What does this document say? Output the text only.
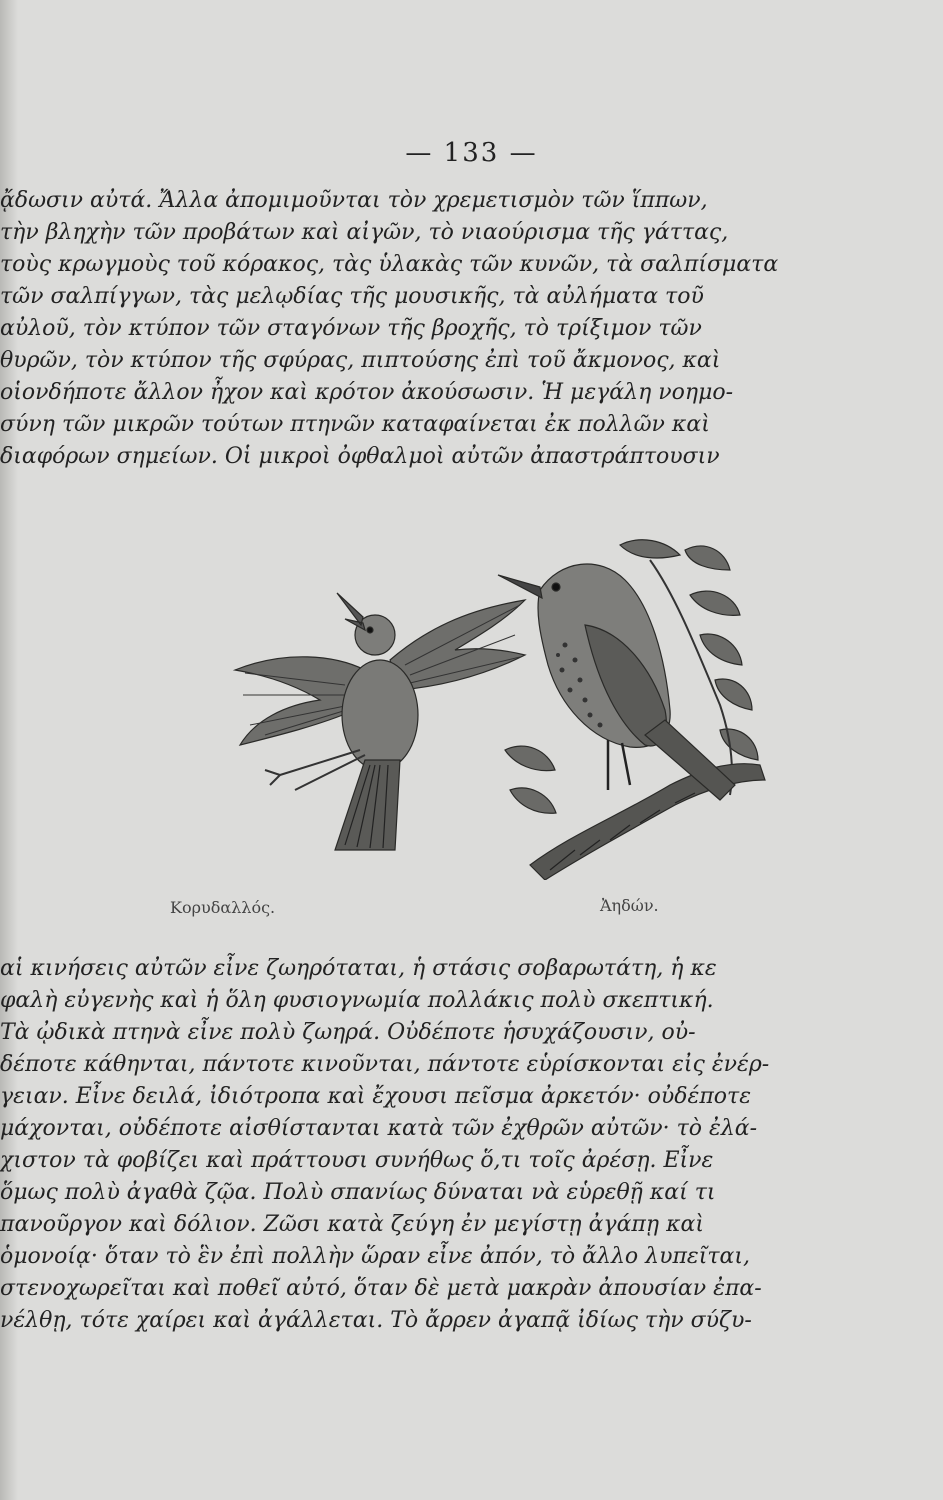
— 133 —
ᾄδωσιν αὐτά. Ἄλλα ἀπομιμοῦνται τὸν χρεμετισμὸν τῶν ἵππων,
τὴν βληχὴν τῶν προβάτων καὶ αἰγῶν, τὸ νιαούρισμα τῆς γάττας,
τοὺς κρωγμοὺς τοῦ κόρακος, τὰς ὑλακὰς τῶν κυνῶν, τὰ σαλπίσματα
τῶν σαλπίγγων, τὰς μελῳδίας τῆς μουσικῆς, τὰ αὐλήματα τοῦ
αὐλοῦ, τὸν κτύπον τῶν σταγόνων τῆς βροχῆς, τὸ τρίξιμον τῶν
θυρῶν, τὸν κτύπον τῆς σφύρας, πιπτούσης ἐπὶ τοῦ ἄκμονος, καὶ
οἱονδήποτε ἄλλον ἦχον καὶ κρότον ἀκούσωσιν. Ἡ μεγάλη νοημο-
σύνη τῶν μικρῶν τούτων πτηνῶν καταφαίνεται ἐκ πολλῶν καὶ
διαφόρων σημείων. Οἱ μικροὶ ὀφθαλμοὶ αὐτῶν ἀπαστράπτουσιν
Κορυδαλλός.	Ἀηδών.
αἱ κινήσεις αὐτῶν εἶνε ζωηρόταται, ἡ στάσις σοβαρωτάτη, ἡ κε
φαλὴ εὐγενὴς καὶ ἡ ὅλη φυσιογνωμία πολλάκις πολὺ σκεπτική.
Τὰ ᾠδικὰ πτηνὰ εἶνε πολὺ ζωηρά. Οὐδέποτε ἡσυχάζουσιν, οὐ-
δέποτε κάθηνται, πάντοτε κινοῦνται, πάντοτε εὑρίσκονται εἰς ἐνέρ-
γειαν. Εἶνε δειλά, ἰδιότροπα καὶ ἔχουσι πεῖσμα ἀρκετόν· οὐδέποτε
μάχονται, οὐδέποτε αἰσθίστανται κατὰ τῶν ἐχθρῶν αὐτῶν· τὸ ἐλά-
χιστον τὰ φοβίζει καὶ πράττουσι συνήθως ὅ,τι τοῖς ἀρέσῃ. Εἶνε
ὅμως πολὺ ἀγαθὰ ζῷα. Πολὺ σπανίως δύναται νὰ εὑρεθῇ καί τι
πανοῦργον καὶ δόλιον. Ζῶσι κατὰ ζεύγη ἐν μεγίστῃ ἀγάπῃ καὶ
ὁμονοίᾳ· ὅταν τὸ ἓν ἐπὶ πολλὴν ὥραν εἶνε ἀπόν, τὸ ἄλλο λυπεῖται,
στενοχωρεῖται καὶ ποθεῖ αὐτό, ὅταν δὲ μετὰ μακρὰν ἀπουσίαν ἐπα-
νέλθῃ, τότε χαίρει καὶ ἀγάλλεται. Τὸ ἄρρεν ἀγαπᾷ ἰδίως τὴν σύζυ-
